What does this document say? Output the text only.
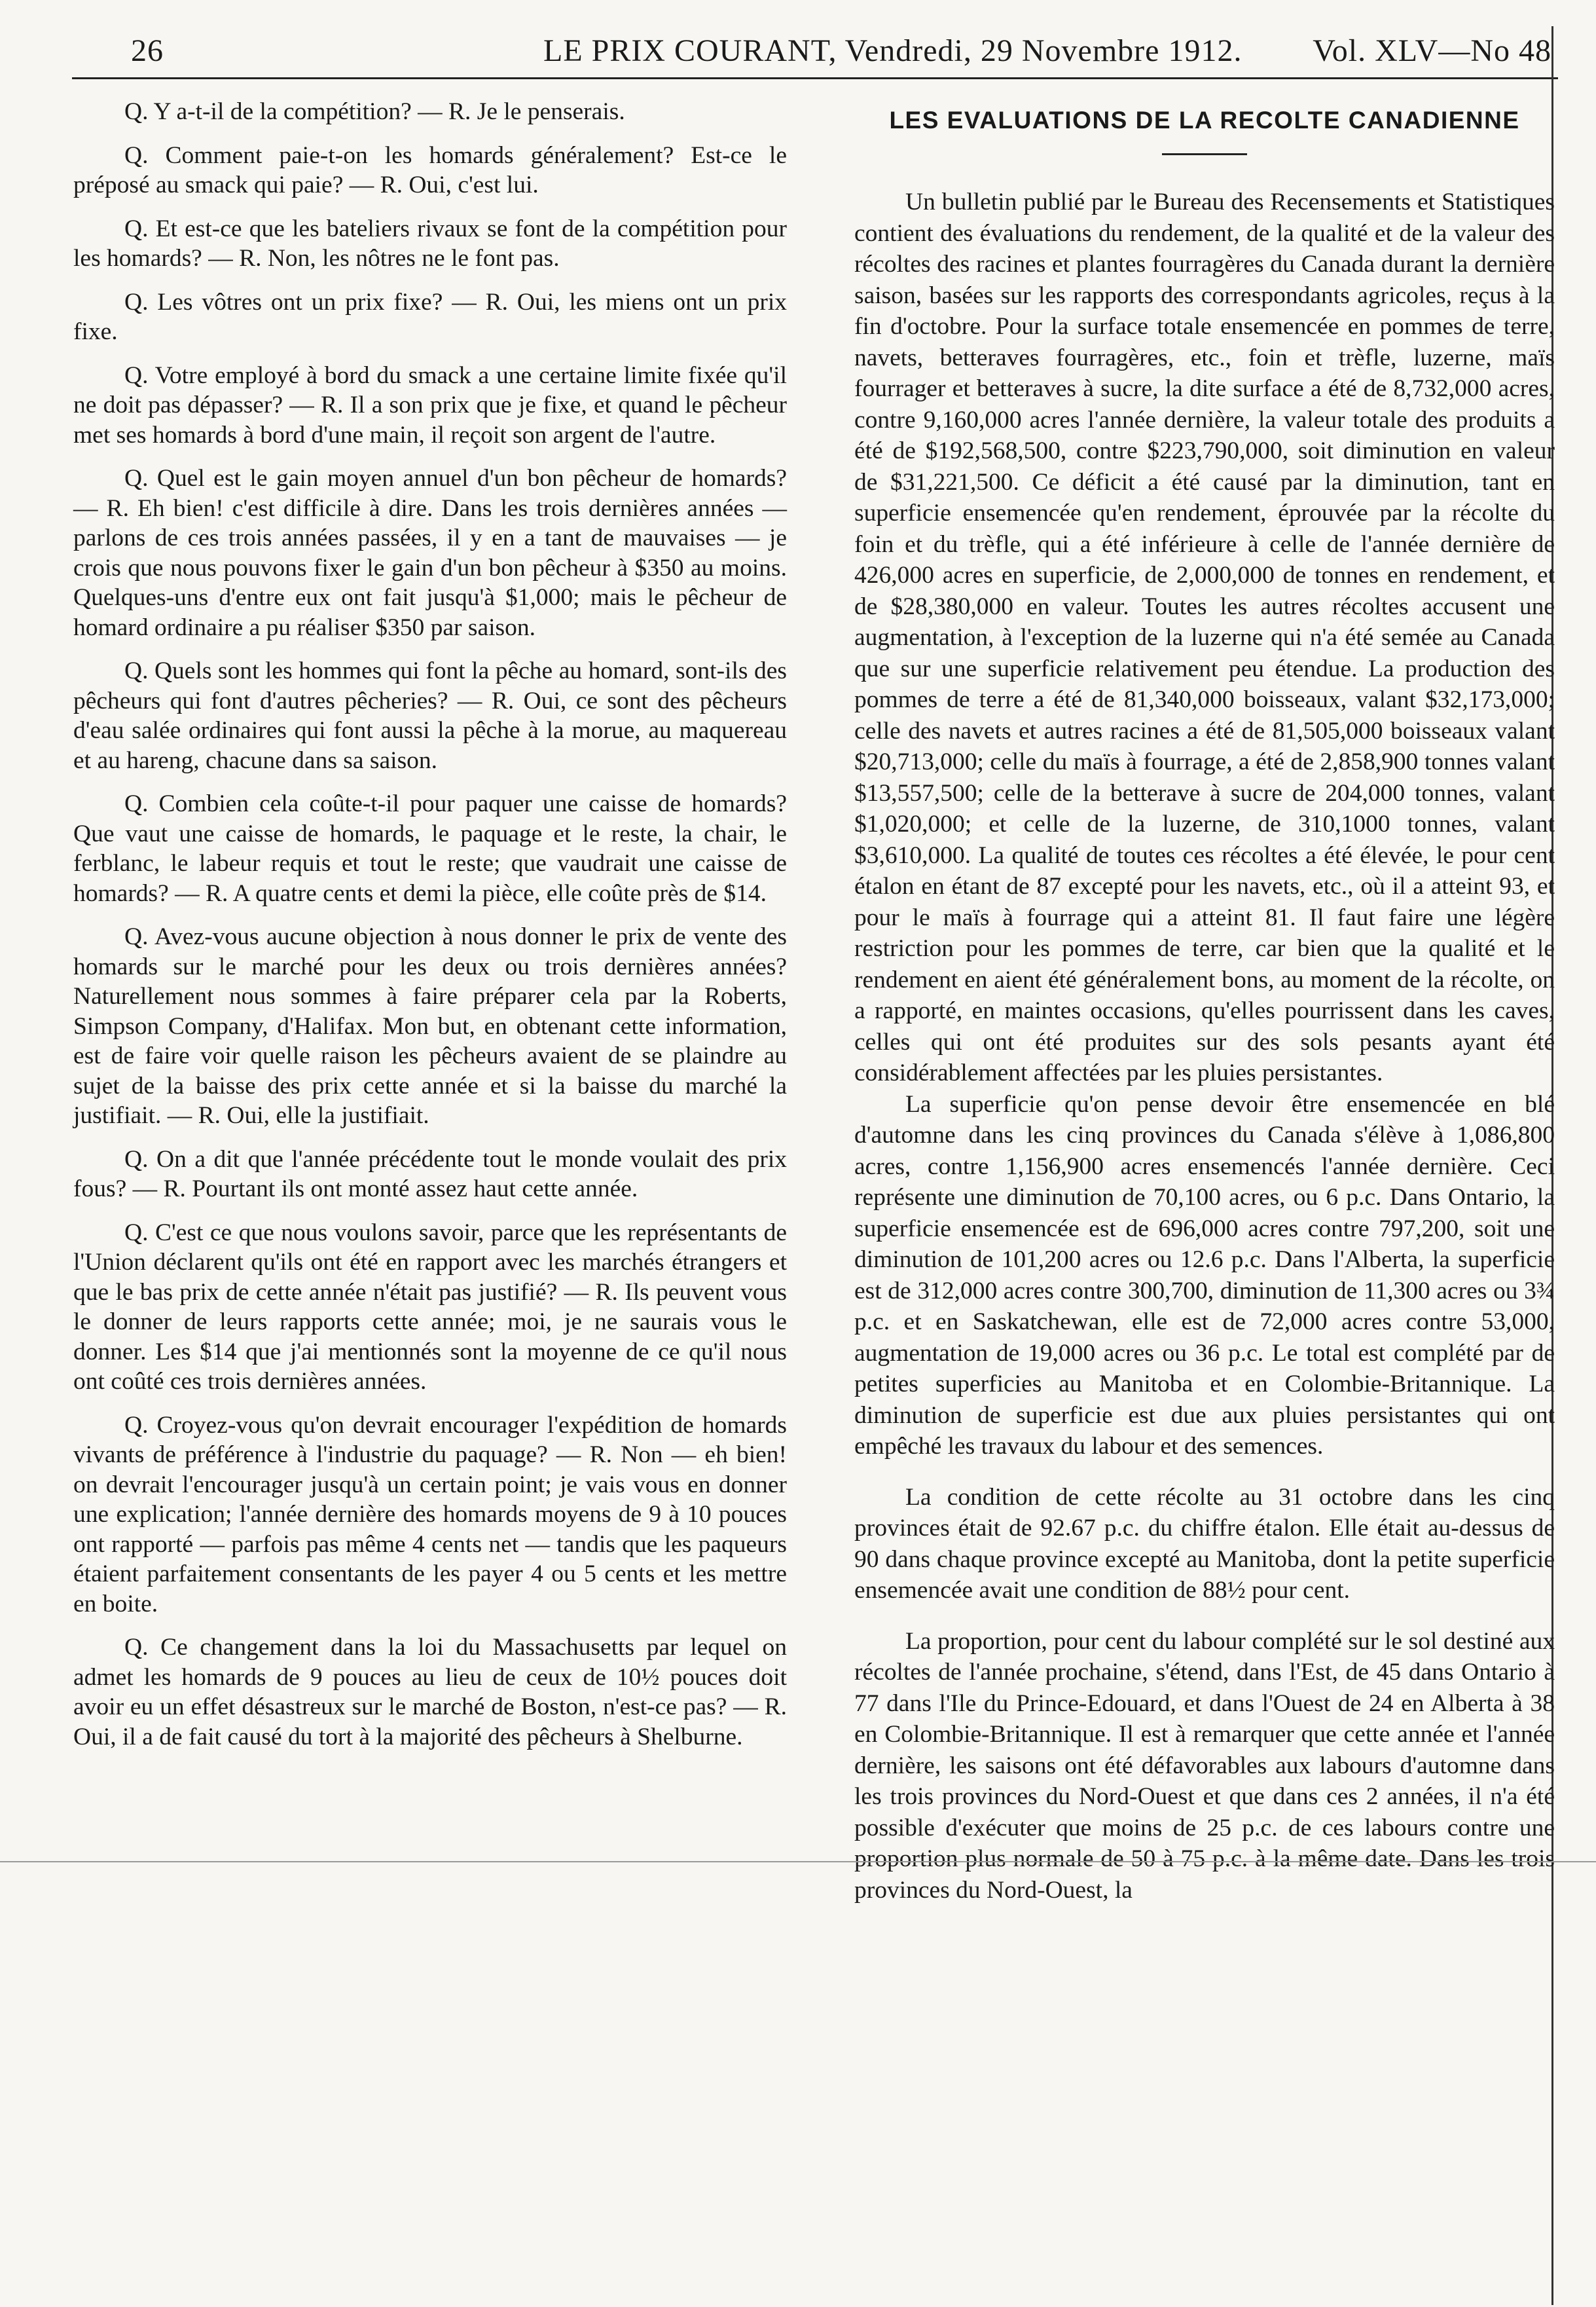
26	LE PRIX COURANT, Vendredi, 29 Novembre 1912. Vol. XLV—No 48

Q. Y a-t-il de la compétition? — R. Je le penserais.

Q. Comment paie-t-on les homards généralement? Est-ce le préposé au smack qui paie? — R. Oui, c'est lui.

Q. Et est-ce que les bateliers rivaux se font de la compétition pour les homards? — R. Non, les nôtres ne le font pas.

Q. Les vôtres ont un prix fixe? — R. Oui, les miens ont un prix fixe.

Q. Votre employé à bord du smack a une certaine limite fixée qu'il ne doit pas dépasser? — R. Il a son prix que je fixe, et quand le pêcheur met ses homards à bord d'une main, il reçoit son argent de l'autre.

Q. Quel est le gain moyen annuel d'un bon pêcheur de homards? — R. Eh bien! c'est difficile à dire. Dans les trois dernières années — parlons de ces trois années passées, il y en a tant de mauvaises — je crois que nous pouvons fixer le gain d'un bon pêcheur à $350 au moins. Quelques-uns d'entre eux ont fait jusqu'à $1,000; mais le pêcheur de homard ordinaire a pu réaliser $350 par saison.

Q. Quels sont les hommes qui font la pêche au homard, sont-ils des pêcheurs qui font d'autres pêcheries? — R. Oui, ce sont des pêcheurs d'eau salée ordinaires qui font aussi la pêche à la morue, au maquereau et au hareng, chacune dans sa saison.

Q. Combien cela coûte-t-il pour paquer une caisse de homards? Que vaut une caisse de homards, le paquage et le reste, la chair, le ferblanc, le labeur requis et tout le reste; que vaudrait une caisse de homards? — R. A quatre cents et demi la pièce, elle coûte près de $14.

Q. Avez-vous aucune objection à nous donner le prix de vente des homards sur le marché pour les deux ou trois dernières années? Naturellement nous sommes à faire préparer cela par la Roberts, Simpson Company, d'Halifax. Mon but, en obtenant cette information, est de faire voir quelle raison les pêcheurs avaient de se plaindre au sujet de la baisse des prix cette année et si la baisse du marché la justifiait. — R. Oui, elle la justifiait.

Q. On a dit que l'année précédente tout le monde voulait des prix fous? — R. Pourtant ils ont monté assez haut cette année.

Q. C'est ce que nous voulons savoir, parce que les représentants de l'Union déclarent qu'ils ont été en rapport avec les marchés étrangers et que le bas prix de cette année n'était pas justifié? — R. Ils peuvent vous le donner de leurs rapports cette année; moi, je ne saurais vous le donner. Les $14 que j'ai mentionnés sont la moyenne de ce qu'il nous ont coûté ces trois dernières années.

Q. Croyez-vous qu'on devrait encourager l'expédition de homards vivants de préférence à l'industrie du paquage? — R. Non — eh bien! on devrait l'encourager jusqu'à un certain point; je vais vous en donner une explication; l'année dernière des homards moyens de 9 à 10 pouces ont rapporté — parfois pas même 4 cents net — tandis que les paqueurs étaient parfaitement consentants de les payer 4 ou 5 cents et les mettre en boite.

Q. Ce changement dans la loi du Massachusetts par lequel on admet les homards de 9 pouces au lieu de ceux de 10½ pouces doit avoir eu un effet désastreux sur le marché de Boston, n'est-ce pas? — R. Oui, il a de fait causé du tort à la majorité des pêcheurs à Shelburne.

LES EVALUATIONS DE LA RECOLTE CANADIENNE

Un bulletin publié par le Bureau des Recensements et Statistiques contient des évaluations du rendement, de la qualité et de la valeur des récoltes des racines et plantes fourragères du Canada durant la dernière saison, basées sur les rapports des correspondants agricoles, reçus à la fin d'octobre. Pour la surface totale ensemencée en pommes de terre, navets, betteraves fourragères, etc., foin et trèfle, luzerne, maïs fourrager et betteraves à sucre, la dite surface a été de 8,732,000 acres, contre 9,160,000 acres l'année dernière, la valeur totale des produits a été de $192,568,500, contre $223,790,000, soit diminution en valeur de $31,221,500. Ce déficit a été causé par la diminution, tant en superficie ensemencée qu'en rendement, éprouvée par la récolte du foin et du trèfle, qui a été inférieure à celle de l'année dernière de 426,000 acres en superficie, de 2,000,000 de tonnes en rendement, et de $28,380,000 en valeur. Toutes les autres récoltes accusent une augmentation, à l'exception de la luzerne qui n'a été semée au Canada que sur une superficie relativement peu étendue. La production des pommes de terre a été de 81,340,000 boisseaux, valant $32,173,000; celle des navets et autres racines a été de 81,505,000 boisseaux valant $20,713,000; celle du maïs à fourrage, a été de 2,858,900 tonnes valant $13,557,500; celle de la betterave à sucre de 204,000 tonnes, valant $1,020,000; et celle de la luzerne, de 310,1000 tonnes, valant $3,610,000. La qualité de toutes ces récoltes a été élevée, le pour cent étalon en étant de 87 excepté pour les navets, etc., où il a atteint 93, et pour le maïs à fourrage qui a atteint 81. Il faut faire une légère restriction pour les pommes de terre, car bien que la qualité et le rendement en aient été généralement bons, au moment de la récolte, on a rapporté, en maintes occasions, qu'elles pourrissent dans les caves, celles qui ont été produites sur des sols pesants ayant été considérablement affectées par les pluies persistantes.

La superficie qu'on pense devoir être ensemencée en blé d'automne dans les cinq provinces du Canada s'élève à 1,086,800 acres, contre 1,156,900 acres ensemencés l'année dernière. Ceci représente une diminution de 70,100 acres, ou 6 p.c. Dans Ontario, la superficie ensemencée est de 696,000 acres contre 797,200, soit une diminution de 101,200 acres ou 12.6 p.c. Dans l'Alberta, la superficie est de 312,000 acres contre 300,700, diminution de 11,300 acres ou 3¾ p.c. et en Saskatchewan, elle est de 72,000 acres contre 53,000, augmentation de 19,000 acres ou 36 p.c. Le total est complété par de petites superficies au Manitoba et en Colombie-Britannique. La diminution de superficie est due aux pluies persistantes qui ont empêché les travaux du labour et des semences.

La condition de cette récolte au 31 octobre dans les cinq provinces était de 92.67 p.c. du chiffre étalon. Elle était au-dessus de 90 dans chaque province excepté au Manitoba, dont la petite superficie ensemencée avait une condition de 88½ pour cent.

La proportion, pour cent du labour complété sur le sol destiné aux récoltes de l'année prochaine, s'étend, dans l'Est, de 45 dans Ontario à 77 dans l'Ile du Prince-Edouard, et dans l'Ouest de 24 en Alberta à 38 en Colombie-Britannique. Il est à remarquer que cette année et l'année dernière, les saisons ont été défavorables aux labours d'automne dans les trois provinces du Nord-Ouest et que dans ces 2 années, il n'a été possible d'exécuter que moins de 25 p.c. de ces labours contre une proportion plus normale de 50 à 75 p.c. à la même date. Dans les trois provinces du Nord-Ouest, la
